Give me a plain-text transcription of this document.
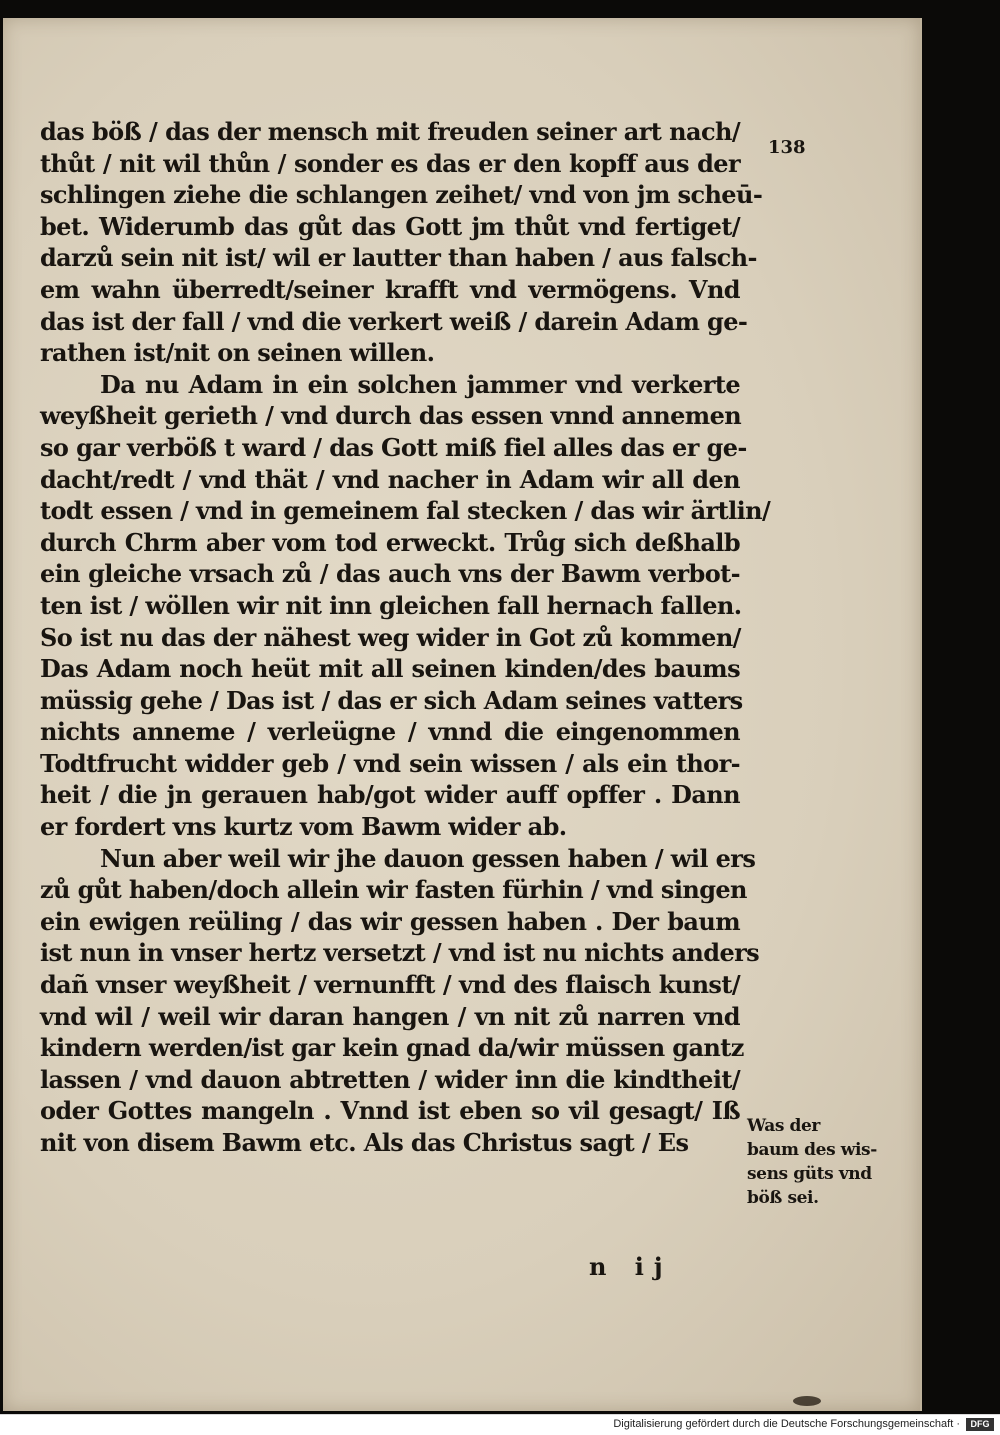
138
das böß / das der mensch mit freuden seiner art nach/
thůt / nit wil thůn / sonder es das er den kopff aus der
schlingen ziehe die schlangen zeihet/ vnd von jm scheū-
bet. Widerumb das gůt das Gott jm thůt vnd fertiget/
darzů sein nit ist/ wil er lautter than haben / aus falsch-
em wahn überredt/seiner krafft vnd vermögens. Vnd
das ist der fall / vnd die verkert weiß / darein Adam ge-
rathen ist/nit on seinen willen.
Da nu Adam in ein solchen jammer vnd verkerte
weyßheit gerieth / vnd durch das essen vnnd annemen
so gar verböß t ward / das Gott miß fiel alles das er ge-
dacht/redt / vnd thät / vnd nacher in Adam wir all den
todt essen / vnd in gemeinem fal stecken / das wir ärtlin/
durch Chrm aber vom tod erweckt. Trůg sich deßhalb
ein gleiche vrsach zů / das auch vns der Bawm verbot-
ten ist / wöllen wir nit inn gleichen fall hernach fallen.
So ist nu das der nähest weg wider in Got zů kommen/
Das Adam noch heüt mit all seinen kinden/des baums
müssig gehe / Das ist / das er sich Adam seines vatters
nichts anneme / verleügne / vnnd die eingenommen
Todtfrucht widder geb / vnd sein wissen / als ein thor-
heit / die jn gerauen hab/got wider auff opffer . Dann
er fordert vns kurtz vom Bawm wider ab.
Nun aber weil wir jhe dauon gessen haben / wil ers
zů gůt haben/doch allein wir fasten fürhin / vnd singen
ein ewigen reüling / das wir gessen haben . Der baum
ist nun in vnser hertz versetzt / vnd ist nu nichts anders
dañ vnser weyßheit / vernunfft / vnd des flaisch kunst/
vnd wil / weil wir daran hangen / vn nit zů narren vnd
kindern werden/ist gar kein gnad da/wir müssen gantz
lassen / vnd dauon abtretten / wider inn die kindtheit/
oder Gottes mangeln . Vnnd ist eben so vil gesagt/ Iß
nit von disem Bawm etc. Als das Christus sagt / Es
Was der
baum des wis-
sens güts vnd
böß sei.
n ij
Digitalisierung gefördert durch die Deutsche Forschungsgemeinschaft ·	DFG
